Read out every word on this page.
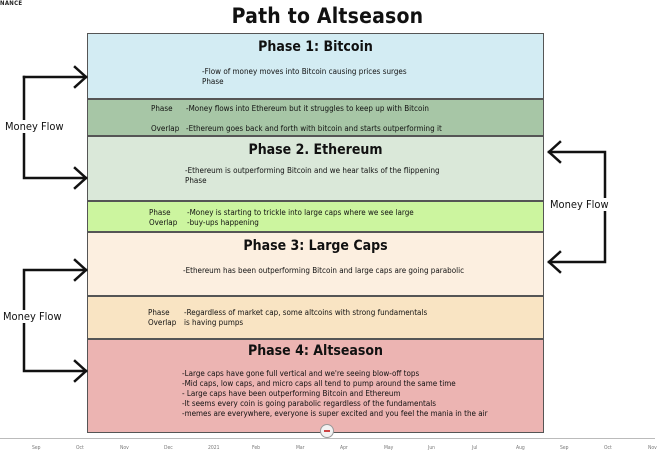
NANCE
Path to Altseason
Phase 1: Bitcoin
-Flow of money moves into Bitcoin causing prices surges
Phase
Phase

Overlap
-Money flows into Ethereum but it struggles to keep up with Bitcoin

-Ethereum goes back and forth with bitcoin and starts outperforming it
Phase 2. Ethereum
-Ethereum is outperforming Bitcoin and we hear talks of the flippening
Phase
Phase
Overlap
-Money is starting to trickle into large caps where we see large
-buy-ups happening
Phase 3: Large Caps
-Ethereum has been outperforming Bitcoin and large caps are going parabolic
Phase
Overlap
-Regardless of market cap, some altcoins with strong fundamentals
is having pumps
Phase 4: Altseason
-Large caps have gone full vertical and we're seeing blow-off tops
-Mid caps, low caps, and micro caps all tend to pump around the same time
- Large caps have been outperforming Bitcoin and Ethereum
-It seems every coin is going parabolic regardless of the fundamentals
-memes are everywhere, everyone is super excited and you feel the mania in the air
Money Flow
Money Flow
Money Flow
Sep	Oct	Nov	Dec	2021	Feb	Mar	Apr	May	Jun	Jul	Aug	Sep	Oct	Nov
